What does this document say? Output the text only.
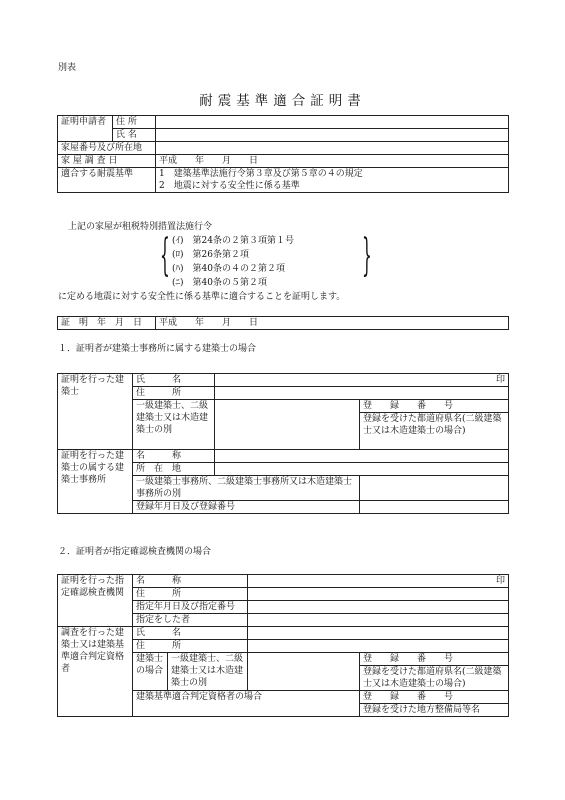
別表
耐震基準適合証明書
証明申請者	住 所	
	氏 名	
家屋番号及び所在地		
家 屋 調 査 日		平成　　年　　月　　日
適合する耐震基準		1　建築基準法施行令第３章及び第５章の４の規定
2　地震に対する安全性に係る基準
上記の家屋が租税特別措置法施行令
{	}
(ｲ)　第24条の２第３項第１号
(ﾛ)　第26条第２項
(ﾊ)　第40条の４の２第２項
(ﾆ)　第40条の５第２項
に定める地震に対する安全性に係る基準に適合することを証明します。
証　明　年　月　日	平成　　年　　月　　日
１．証明者が建築士事務所に属する建築士の場合
証明を行った建築士	氏　　　名	印	
	住　　　所		
	一級建築士、二級建築士又は木造建築士の別		登　　録　　番　　号
			登録を受けた都道府県名(二級建築士又は木造建築士の場合)
証明を行った建築士の属する建築士事務所	名　　　称		
	所　在　地		
	一級建築士事務所、二級建築士事務所又は木造建築士事務所の別		
	登録年月日及び登録番号		
２．証明者が指定確認検査機関の場合
証明を行った指定確認検査機関	名　　　称		印	
	住　　　所			
	指定年月日及び指定番号			
	指定をした者			
調査を行った建築士又は建築基準適合判定資格者	氏　　　名			
	住　　　所			
	建築士の場合	一級建築士、二級建築士又は木造建築士の別		登　　録　　番　　号
				登録を受けた都道府県名(二級建築士又は木造建築士の場合)
	建築基準適合判定資格者の場合			登　　録　　番　　号
				登録を受けた地方整備局等名
